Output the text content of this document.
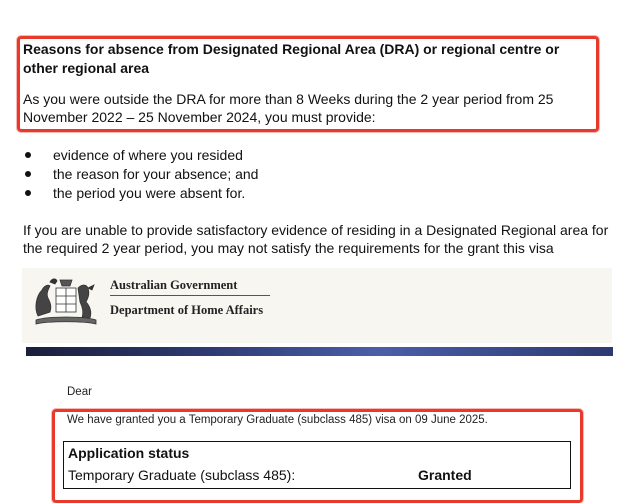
Reasons for absence from Designated Regional Area (DRA) or regional centre or other regional area
As you were outside the DRA for more than 8 Weeks during the 2 year period from 25 November 2022 – 25 November 2024, you must provide:
evidence of where you resided
the reason for your absence; and
the period you were absent for.
If you are unable to provide satisfactory evidence of residing in a Designated Regional area for the required 2 year period, you may not satisfy the requirements for the grant this visa
Australian Government
Department of Home Affairs
Dear
We have granted you a Temporary Graduate (subclass 485) visa on 09 June 2025.
Application status
Temporary Graduate (subclass 485):	Granted
